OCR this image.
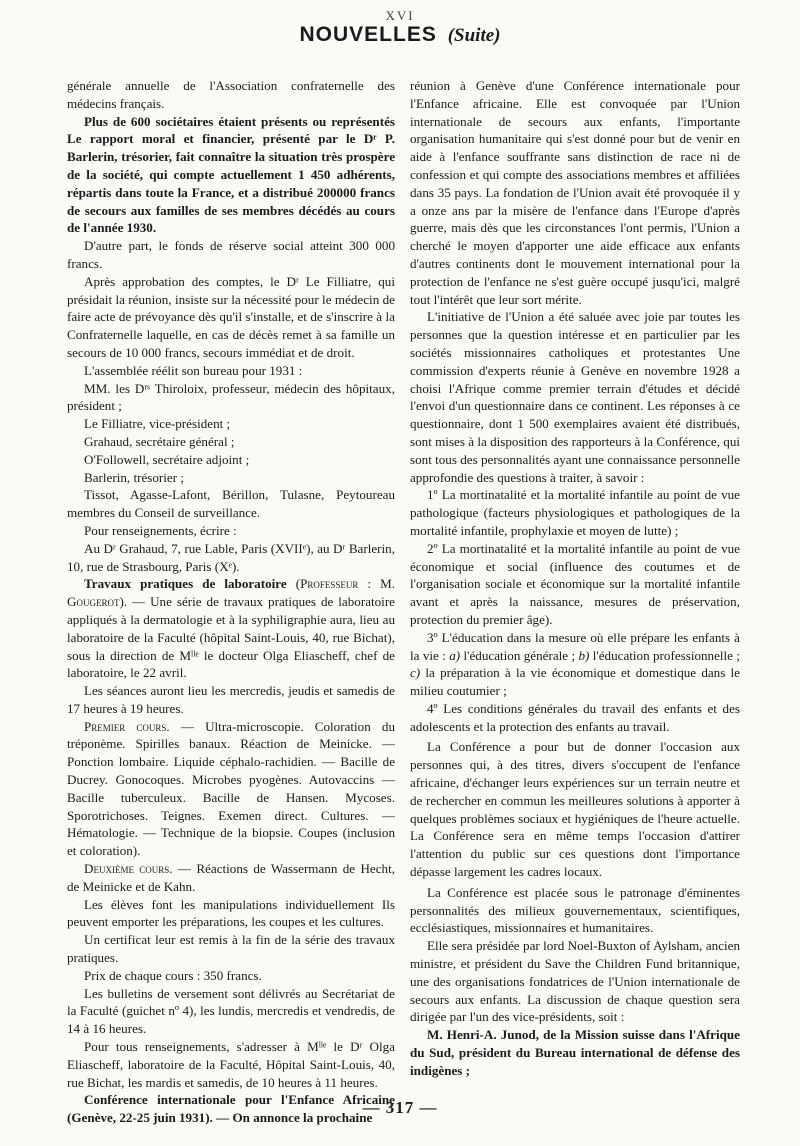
XVI
NOUVELLES (Suite)

générale annuelle de l'Association confraternelle des médecins français.

Plus de 600 sociétaires étaient présents ou représentés Le rapport moral et financier, présenté par le Dʳ P. Barlerin, trésorier, fait connaître la situation très prospère de la société, qui compte actuellement 1 450 adhérents, répartis dans toute la France, et a distribué 200000 francs de secours aux familles de ses membres décédés au cours de l'année 1930.

D'autre part, le fonds de réserve social atteint 300 000 francs.

Après approbation des comptes, le Dʳ Le Filliatre, qui présidait la réunion, insiste sur la nécessité pour le médecin de faire acte de prévoyance dès qu'il s'installe, et de s'inscrire à la Confraternelle laquelle, en cas de décès remet à sa famille un secours de 10 000 francs, secours immédiat et de droit.

L'assemblée réélit son bureau pour 1931 :

MM. les Dʳˢ Thiroloix, professeur, médecin des hôpitaux, président ;

Le Filliatre, vice-président ;

Grahaud, secrétaire général ;

O'Followell, secrétaire adjoint ;

Barlerin, trésorier ;

Tissot, Agasse-Lafont, Bérillon, Tulasne, Peytoureau membres du Conseil de surveillance.

Pour renseignements, écrire :

Au Dʳ Grahaud, 7, rue Lable, Paris (XVIIᵉ), au Dʳ Barlerin, 10, rue de Strasbourg, Paris (Xᵉ).

Travaux pratiques de laboratoire (Professeur : M. Gougerot). — Une série de travaux pratiques de laboratoire appliqués à la dermatologie et à la syphiligraphie aura, lieu au laboratoire de la Faculté (hôpital Saint-Louis, 40, rue Bichat), sous la direction de Mˡˡᵉ le docteur Olga Eliascheff, chef de laboratoire, le 22 avril.

Les séances auront lieu les mercredis, jeudis et samedis de 17 heures à 19 heures.

Premier cours. — Ultra-microscopie. Coloration du tréponème. Spirilles banaux. Réaction de Meinicke. — Ponction lombaire. Liquide céphalo-rachidien. — Bacille de Ducrey. Gonocoques. Microbes pyogènes. Autovaccins — Bacille tuberculeux. Bacille de Hansen. Mycoses. Sporotrichoses. Teignes. Exemen direct. Cultures. — Hématologie. — Technique de la biopsie. Coupes (inclusion et coloration).

Deuxième cours. — Réactions de Wassermann de Hecht, de Meinicke et de Kahn.

Les élèves font les manipulations individuellement Ils peuvent emporter les préparations, les coupes et les cultures.

Un certificat leur est remis à la fin de la série des travaux pratiques.

Prix de chaque cours : 350 francs.

Les bulletins de versement sont délivrés au Secrétariat de la Faculté (guichet nº 4), les lundis, mercredis et vendredis, de 14 à 16 heures.

Pour tous renseignements, s'adresser à Mˡˡᵉ le Dʳ Olga Eliascheff, laboratoire de la Faculté, Hôpital Saint-Louis, 40, rue Bichat, les mardis et samedis, de 10 heures à 11 heures.

Conférence internationale pour l'Enfance Africaine (Genève, 22-25 juin 1931). — On annonce la prochaine

réunion à Genève d'une Conférence internationale pour l'Enfance africaine. Elle est convoquée par l'Union internationale de secours aux enfants, l'importante organisation humanitaire qui s'est donné pour but de venir en aide à l'enfance souffrante sans distinction de race ni de confession et qui compte des associations membres et affiliées dans 35 pays. La fondation de l'Union avait été provoquée il y a onze ans par la misère de l'enfance dans l'Europe d'après guerre, mais dès que les circonstances l'ont permis, l'Union a cherché le moyen d'apporter une aide efficace aux enfants d'autres continents dont le mouvement international pour la protection de l'enfance ne s'est guère occupé jusqu'ici, malgré tout l'intérêt que leur sort mérite.

L'initiative de l'Union a été saluée avec joie par toutes les personnes que la question intéresse et en particulier par les sociétés missionnaires catholiques et protestantes Une commission d'experts réunie à Genève en novembre 1928 a choisi l'Afrique comme premier terrain d'études et décidé l'envoi d'un questionnaire dans ce continent. Les réponses à ce questionnaire, dont 1 500 exemplaires avaient été distribués, sont mises à la disposition des rapporteurs à la Conférence, qui sont tous des personnalités ayant une connaissance personnelle approfondie des questions à traiter, à savoir :

1º La mortinatalité et la mortalité infantile au point de vue pathologique (facteurs physiologiques et pathologiques de la mortalité infantile, prophylaxie et moyen de lutte) ;

2º La mortinatalité et la mortalité infantile au point de vue économique et social (influence des coutumes et de l'organisation sociale et économique sur la mortalité infantile avant et après la naissance, mesures de préservation, protection du premier âge).

3º L'éducation dans la mesure où elle prépare les enfants à la vie : a) l'éducation générale ; b) l'éducation professionnelle ; c) la préparation à la vie économique et domestique dans le milieu coutumier ;

4º Les conditions générales du travail des enfants et des adolescents et la protection des enfants au travail.

La Conférence a pour but de donner l'occasion aux personnes qui, à des titres, divers s'occupent de l'enfance africaine, d'échanger leurs expériences sur un terrain neutre et de rechercher en commun les meilleures solutions à apporter à quelques problèmes sociaux et hygiéniques de l'heure actuelle. La Conférence sera en même temps l'occasion d'attirer l'attention du public sur ces questions dont l'importance dépasse largement les cadres locaux.

La Conférence est placée sous le patronage d'éminentes personnalités des milieux gouvernementaux, scientifiques, ecclésiastiques, missionnaires et humanitaires.

Elle sera présidée par lord Noel-Buxton of Aylsham, ancien ministre, et président du Save the Children Fund britannique, une des organisations fondatrices de l'Union internationale de secours aux enfants. La discussion de chaque question sera dirigée par l'un des vice-présidents, soit :

M. Henri-A. Junod, de la Mission suisse dans l'Afrique du Sud, président du Bureau international de défense des indigènes ;

— 317 —
